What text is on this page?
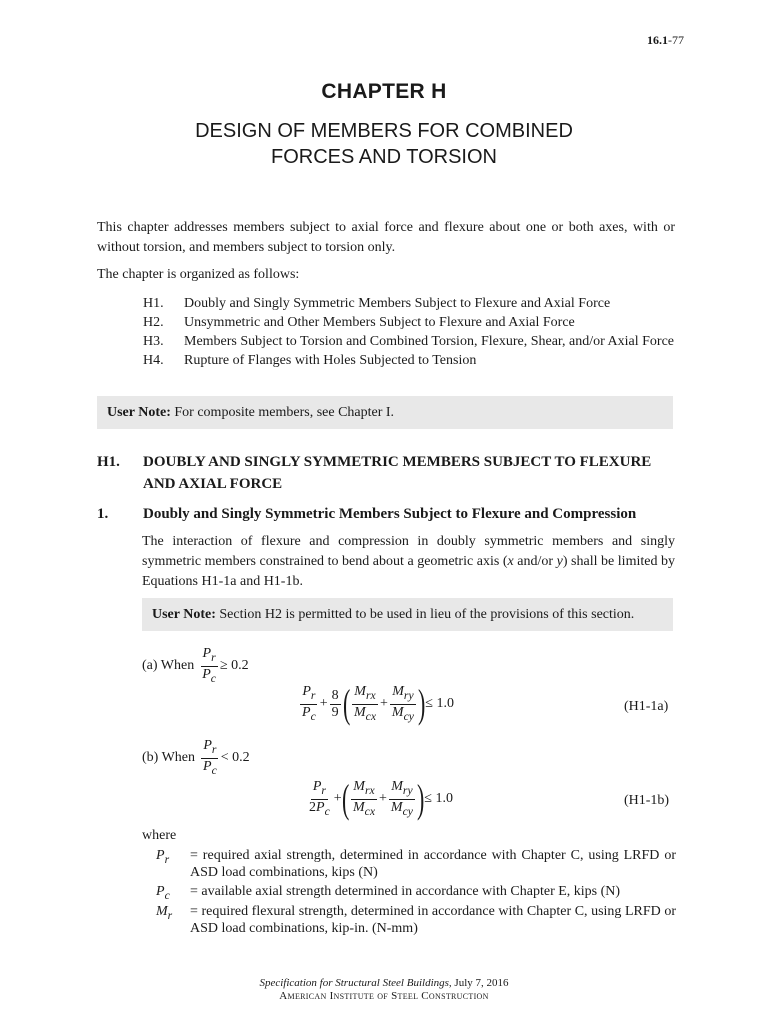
16.1-77
CHAPTER H
DESIGN OF MEMBERS FOR COMBINED
FORCES AND TORSION
This chapter addresses members subject to axial force and flexure about one or both axes, with or without torsion, and members subject to torsion only.
The chapter is organized as follows:
H1.	Doubly and Singly Symmetric Members Subject to Flexure and Axial Force
H2.	Unsymmetric and Other Members Subject to Flexure and Axial Force
H3.	Members Subject to Torsion and Combined Torsion, Flexure, Shear, and/or Axial Force
H4.	Rupture of Flanges with Holes Subjected to Tension
User Note: For composite members, see Chapter I.
H1.	DOUBLY AND SINGLY SYMMETRIC MEMBERS SUBJECT TO FLEXURE AND AXIAL FORCE
1.	Doubly and Singly Symmetric Members Subject to Flexure and Compression
The interaction of flexure and compression in doubly symmetric members and singly symmetric members constrained to bend about a geometric axis (x and/or y) shall be limited by Equations H1-1a and H1-1b.
User Note: Section H2 is permitted to be used in lieu of the provisions of this section.
(a) When $\frac{P_r}{P_c} \ge 0.2$
$\frac{P_r}{P_c} + \frac{8}{9}$ ( $\frac{M_{rx}}{M_{cx}} + \frac{M_{ry}}{M_{cy}}$ ) ≤ 1.0	(H1-1a)
(b) When $\frac{P_r}{P_c} < 0.2$
$\frac{P_r}{2P_c}$ + ( $\frac{M_{rx}}{M_{cx}} + \frac{M_{ry}}{M_{cy}}$ ) ≤ 1.0	(H1-1b)
where
$P_r$	= required axial strength, determined in accordance with Chapter C, using LRFD or ASD load combinations, kips (N)
$P_c$	= available axial strength determined in accordance with Chapter E, kips (N)
$M_r$	= required flexural strength, determined in accordance with Chapter C, using LRFD or ASD load combinations, kip-in. (N-mm)
Specification for Structural Steel Buildings, July 7, 2016
American Institute of Steel Construction
